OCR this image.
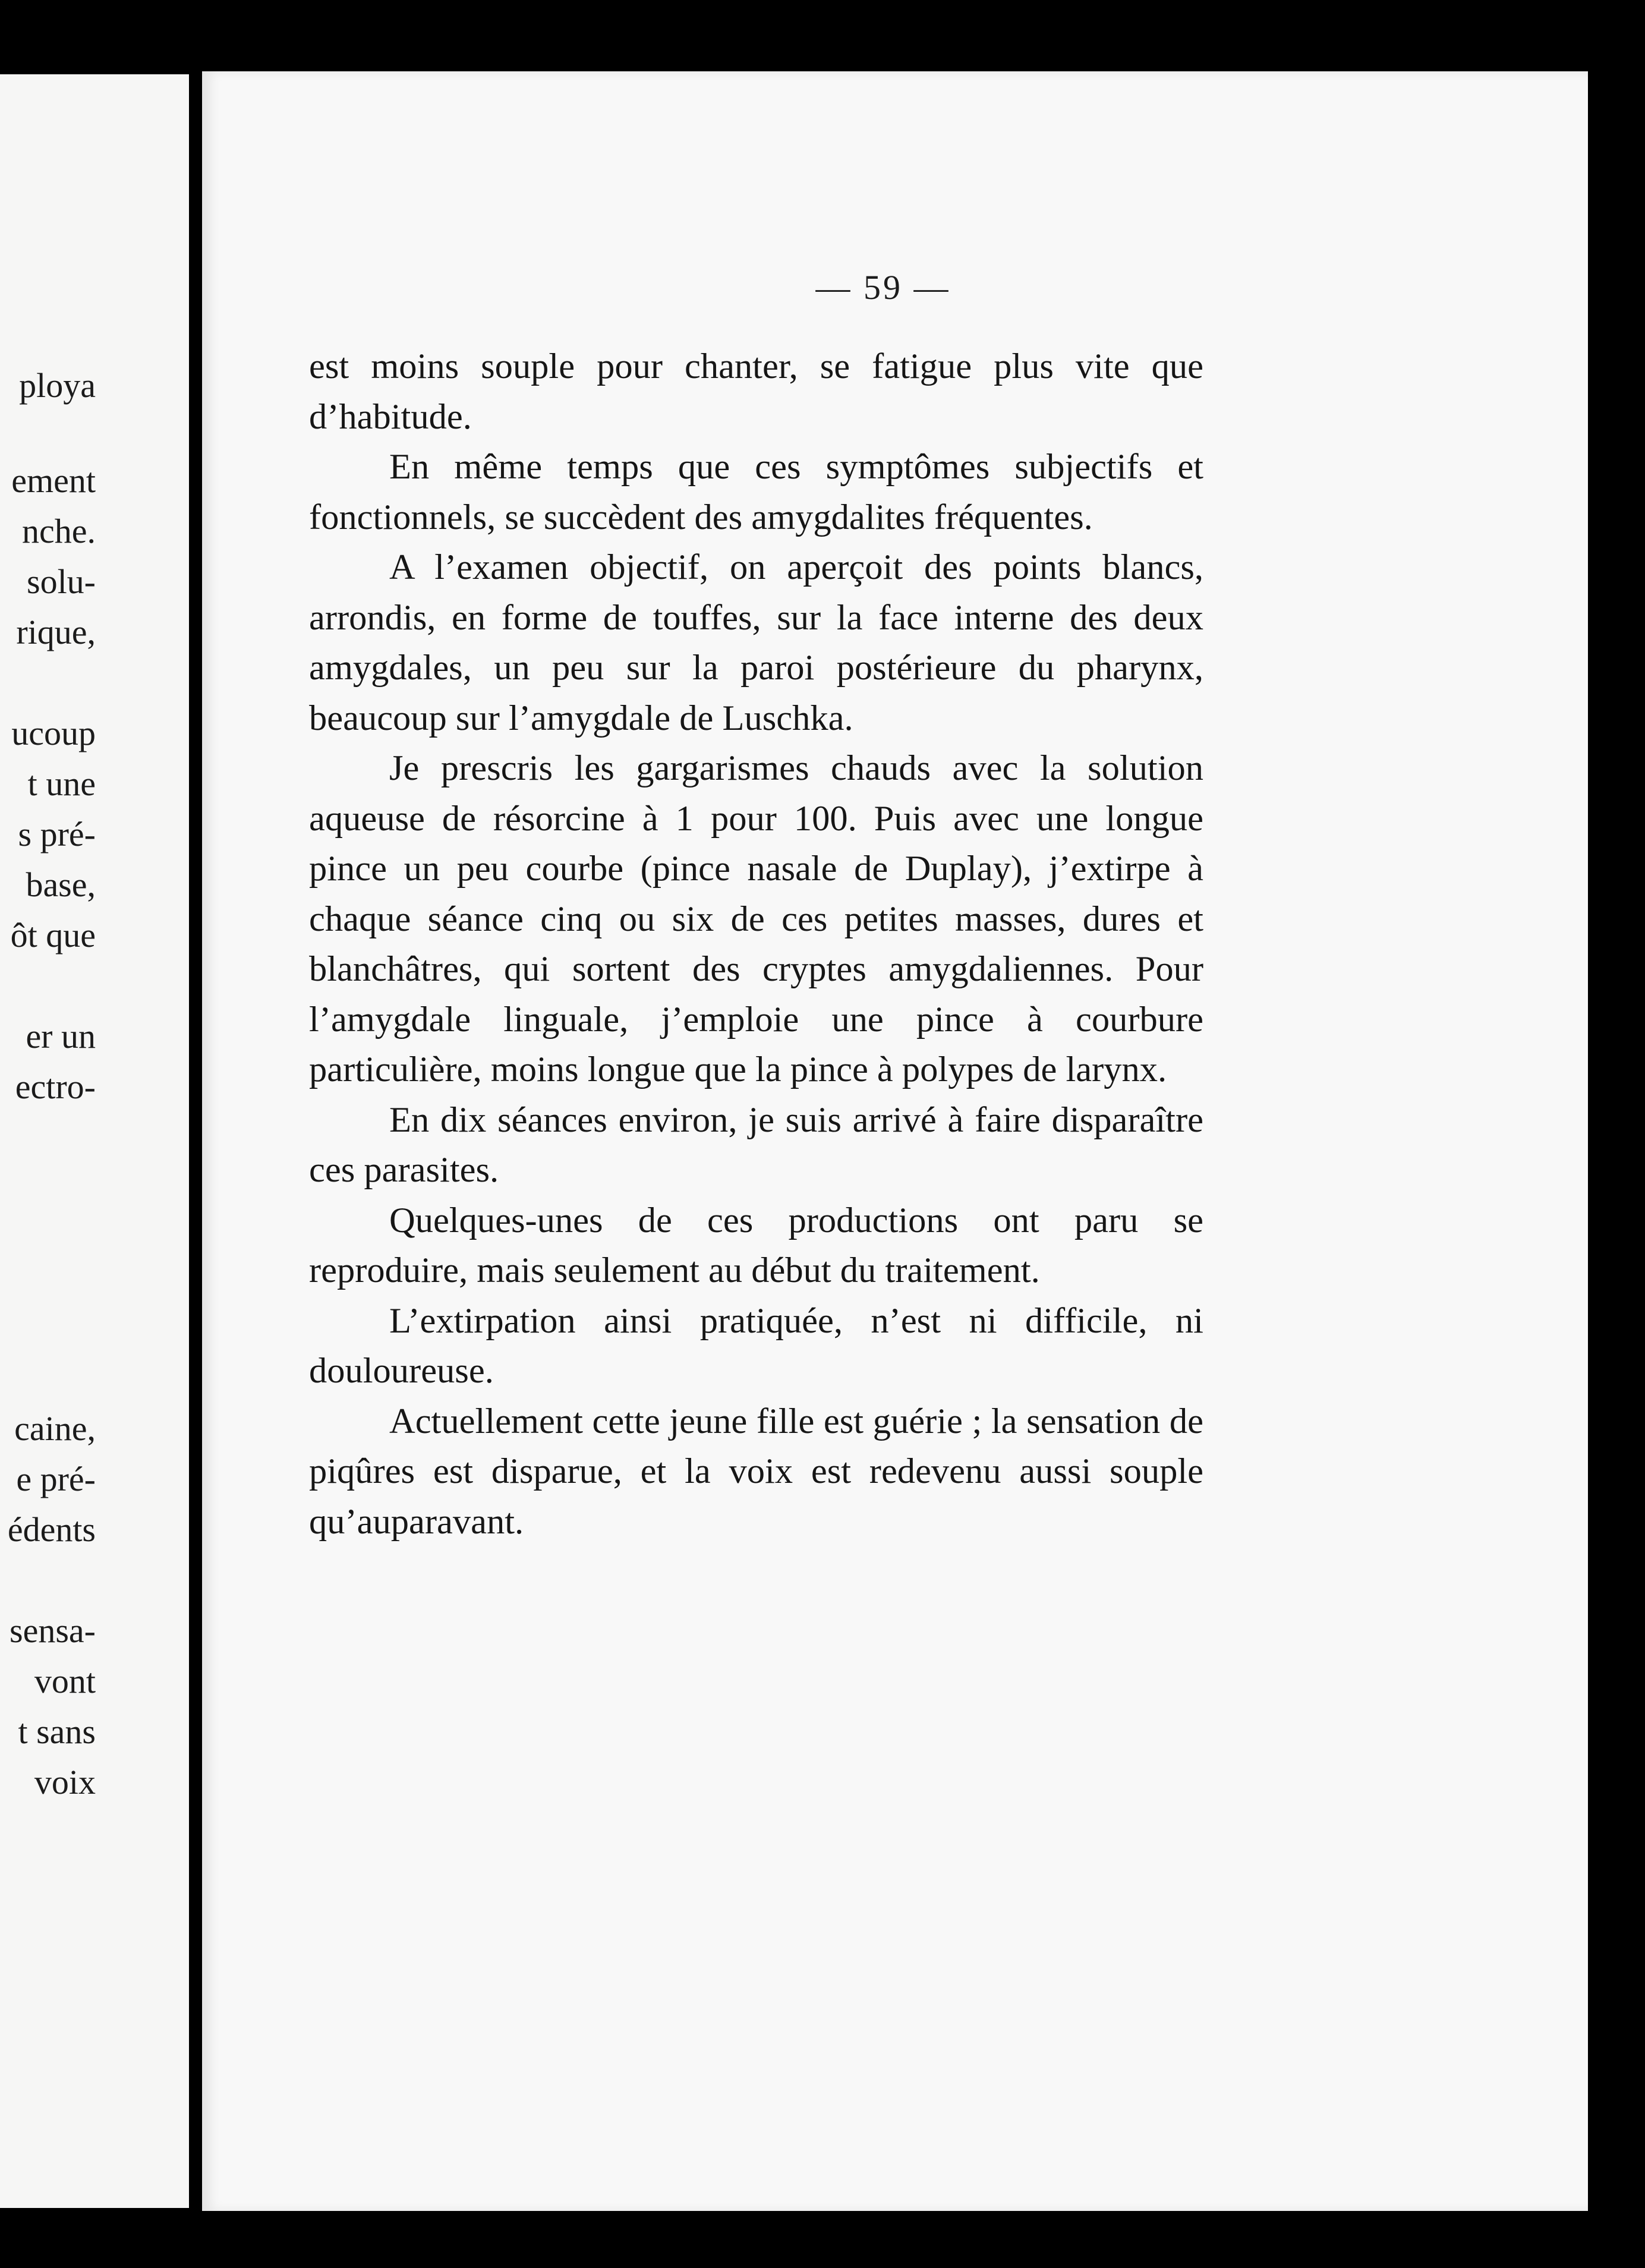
ploya
ement
nche.
solu-
rique,
ucoup
t une
s pré-
base,
ôt que
er un
ectro-
caine,
e pré-
édents
sensa-
vont
t sans
voix
— 59 —

est moins souple pour chanter, se fatigue plus vite que d’habitude.

En même temps que ces symptômes subjectifs et fonctionnels, se succèdent des amygdalites fréquentes.

A l’examen objectif, on aperçoit des points blancs, arrondis, en forme de touffes, sur la face interne des deux amygdales, un peu sur la paroi postérieure du pharynx, beaucoup sur l’amygdale de Luschka.

Je prescris les gargarismes chauds avec la solution aqueuse de résorcine à 1 pour 100. Puis avec une longue pince un peu courbe (pince nasale de Duplay), j’extirpe à chaque séance cinq ou six de ces petites masses, dures et blanchâtres, qui sortent des cryptes amygdaliennes. Pour l’amygdale linguale, j’emploie une pince à courbure particulière, moins longue que la pince à polypes de larynx.

En dix séances environ, je suis arrivé à faire disparaître ces parasites.

Quelques-unes de ces productions ont paru se reproduire, mais seulement au début du traitement.

L’extirpation ainsi pratiquée, n’est ni difficile, ni douloureuse.

Actuellement cette jeune fille est guérie ; la sensation de piqûres est disparue, et la voix est redevenu aussi souple qu’auparavant.
